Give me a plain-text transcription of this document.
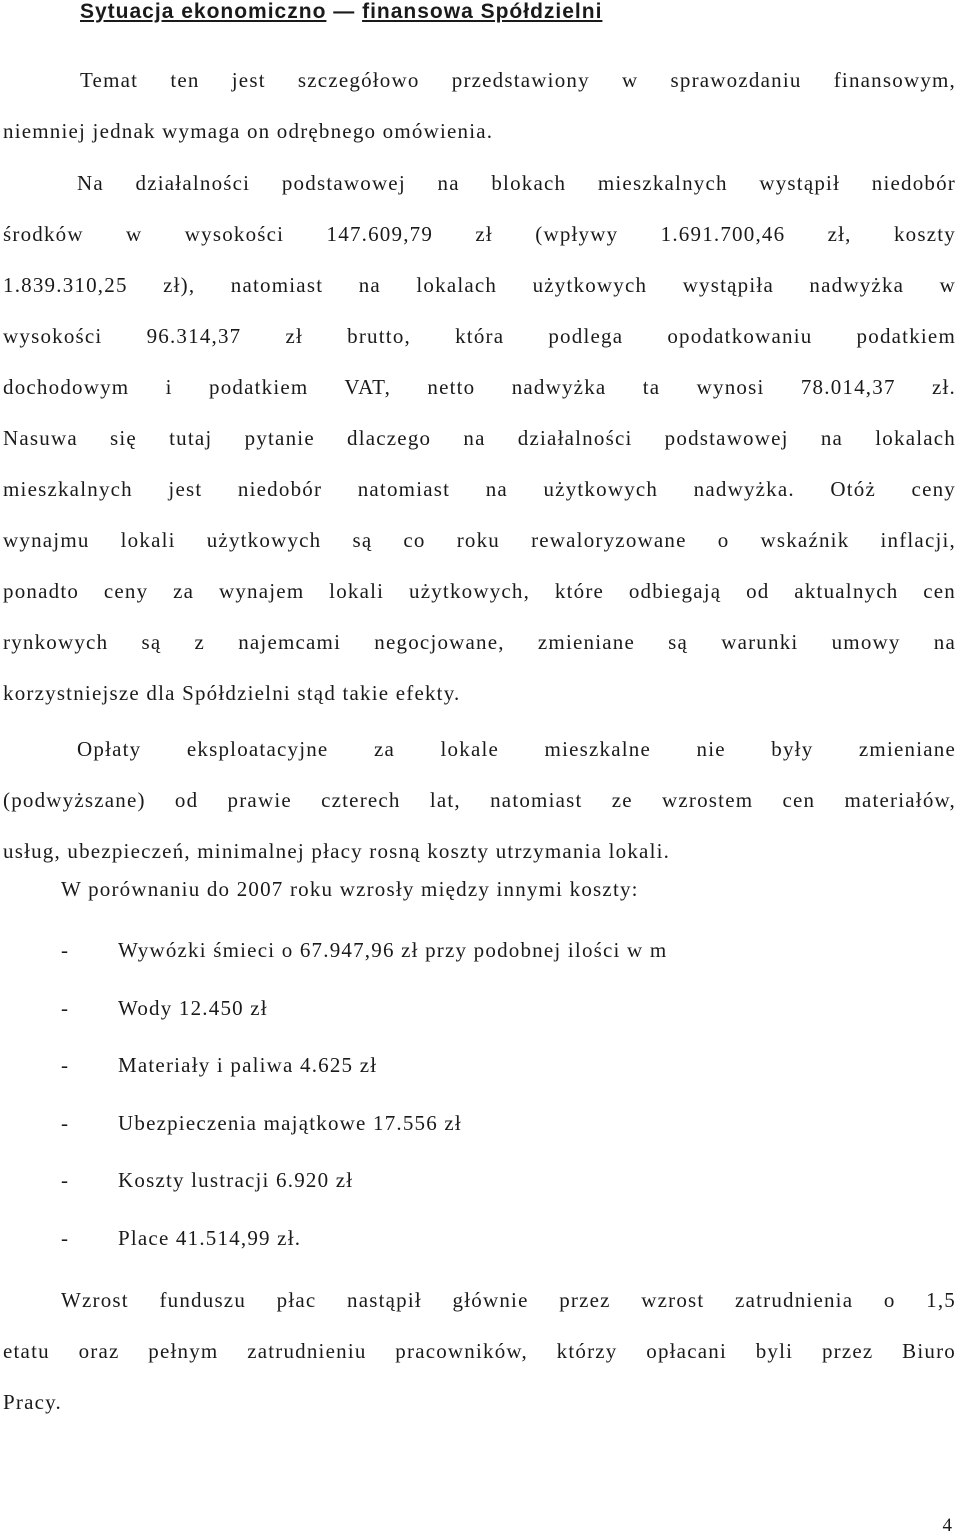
Sytuacja ekonomiczno — finansowa Spółdzielni

Temat ten jest szczegółowo przedstawiony w sprawozdaniu finansowym,

niemniej jednak wymaga on odrębnego omówienia.

Na działalności podstawowej na blokach mieszkalnych wystąpił niedobór

środków w wysokości 147.609,79 zł (wpływy 1.691.700,46 zł, koszty

1.839.310,25 zł), natomiast na lokalach użytkowych wystąpiła nadwyżka w

wysokości 96.314,37 zł brutto, która podlega opodatkowaniu podatkiem

dochodowym i podatkiem VAT, netto nadwyżka ta wynosi 78.014,37 zł.

Nasuwa się tutaj pytanie dlaczego na działalności podstawowej na lokalach

mieszkalnych jest niedobór natomiast na użytkowych nadwyżka. Otóż ceny

wynajmu lokali użytkowych są co roku rewaloryzowane o wskaźnik inflacji,

ponadto ceny za wynajem lokali użytkowych, które odbiegają od aktualnych cen

rynkowych są z najemcami negocjowane, zmieniane są warunki umowy na

korzystniejsze dla Spółdzielni stąd takie efekty.

Opłaty eksploatacyjne za lokale mieszkalne nie były zmieniane

(podwyższane) od prawie czterech lat, natomiast ze wzrostem cen materiałów,

usług, ubezpieczeń, minimalnej płacy rosną koszty utrzymania lokali.

W porównaniu do 2007 roku wzrosły między innymi koszty:
- Wywózki śmieci o 67.947,96 zł przy podobnej ilości w m
- Wody 12.450 zł
- Materiały i paliwa 4.625 zł
- Ubezpieczenia majątkowe 17.556 zł
- Koszty lustracji 6.920 zł
- Place 41.514,99 zł.

Wzrost funduszu płac nastąpił głównie przez wzrost zatrudnienia o 1,5

etatu oraz pełnym zatrudnieniu pracowników, którzy opłacani byli przez Biuro

Pracy.

4
